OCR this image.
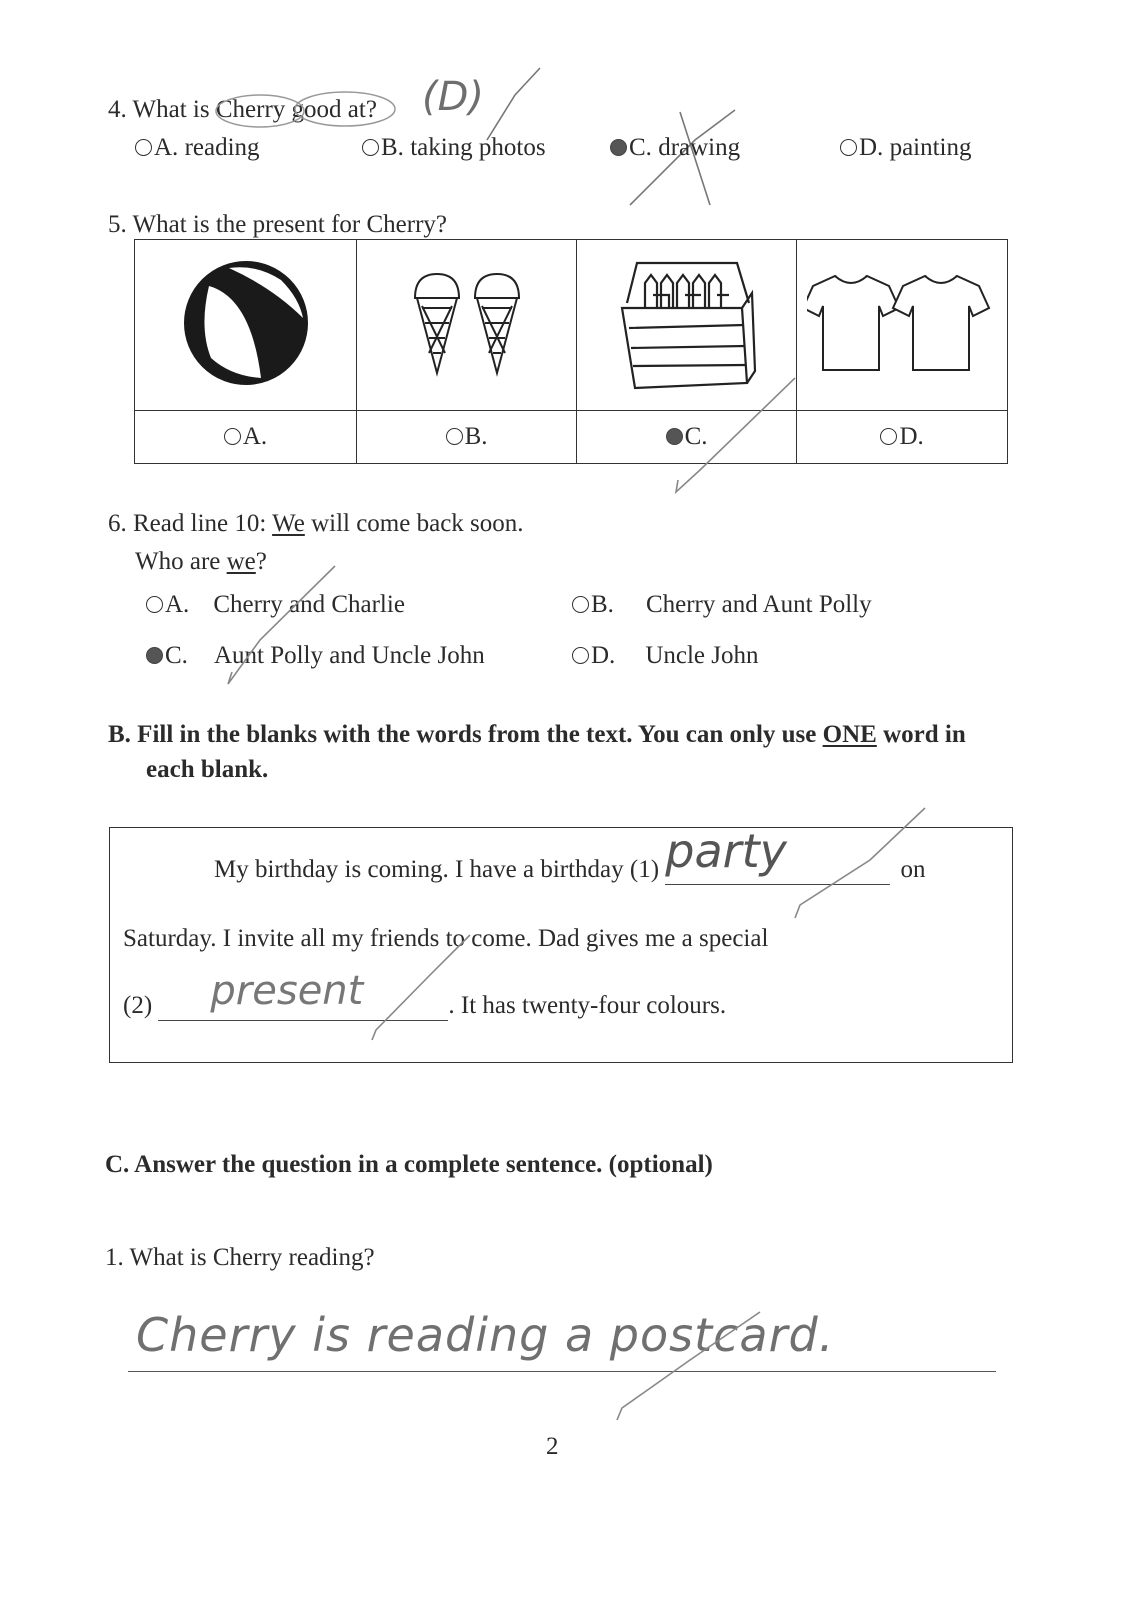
4. What is Cherry good at? (D)
A. reading	B. taking photos	C. drawing	D. painting
5. What is the present for Cherry?

A.	B.	C.	D.
6. Read line 10: We will come back soon.
Who are we?
A. Cherry and Charlie	B. Cherry and Aunt Polly
C. Aunt Polly and Uncle John	D. Uncle John
B. Fill in the blanks with the words from the text. You can only use ONE word in
each blank.
My birthday is coming. I have a birthday (1) party	on
Saturday. I invite all my friends to come. Dad gives me a special
(2) present	. It has twenty-four colours.
C. Answer the question in a complete sentence. (optional)
1. What is Cherry reading?
Cherry is reading a postcard.
2
